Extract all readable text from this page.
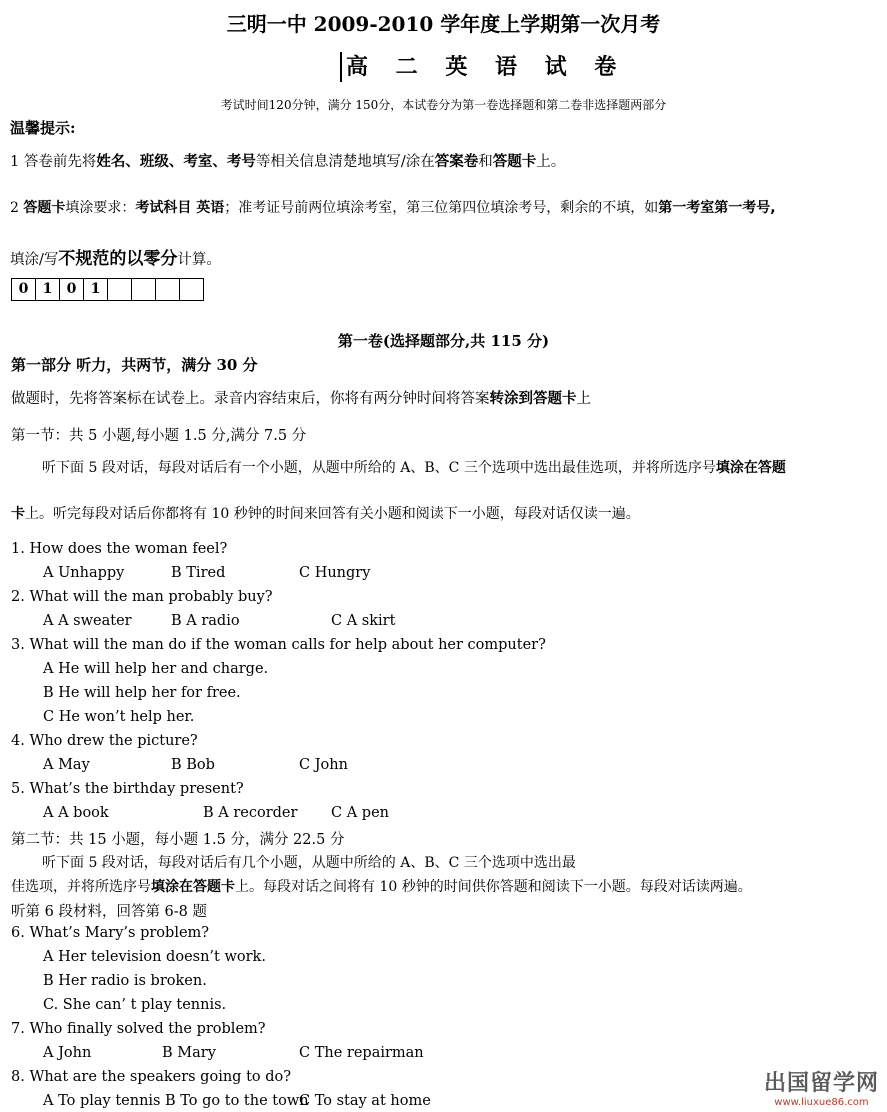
三明一中 2009-2010 学年度上学期第一次月考
高 二 英 语 试 卷
考试时间120分钟，满分 150分，本试卷分为第一卷选择题和第二卷非选择题两部分
温馨提示:
1 答卷前先将姓名、班级、考室、考号等相关信息清楚地填写/涂在答案卷和答题卡上。
2 答题卡填涂要求：考试科目 英语；准考证号前两位填涂考室，第三位第四位填涂考号，剩余的不填，如第一考室第一考号,
填涂/写不规范的以零分计算。
0	1	0	1
第一卷(选择题部分,共 115 分)
第一部分 听力，共两节，满分 30 分
做题时，先将答案标在试卷上。录音内容结束后，你将有两分钟时间将答案转涂到答题卡上
第一节：共 5 小题,每小题 1.5 分,满分 7.5 分
听下面 5 段对话，每段对话后有一个小题，从题中所给的 A、B、C 三个选项中选出最佳选项，并将所选序号填涂在答题
卡上。听完每段对话后你都将有 10 秒钟的时间来回答有关小题和阅读下一小题，每段对话仅读一遍。
1. How does the woman feel?
A Unhappy	B Tired	C Hungry
2. What will the man probably buy?
A A sweater	B A radio	C A skirt
3. What will the man do if the woman calls for help about her computer?
A He will help her and charge.
B He will help her for free.
C He won’t help her.
4. Who drew the picture?
A May	B Bob	C John
5. What’s the birthday present?
A A book	B A recorder C A pen
第二节：共 15 小题，每小题 1.5 分，满分 22.5 分
听下面 5 段对话，每段对话后有几个小题，从题中所给的 A、B、C 三个选项中选出最
佳选项，并将所选序号填涂在答题卡上。每段对话之间将有 10 秒钟的时间供你答题和阅读下一小题。每段对话读两遍。
听第 6 段材料，回答第 6-8 题
6. What’s Mary’s problem?
A Her television doesn’t work.
B Her radio is broken.
C. She can’ t play tennis.
7. Who finally solved the problem?
A John	B Mary	C The repairman
8. What are the speakers going to do?
A To play tennis B To go to the town
C To stay at home
出国留学网
www.liuxue86.com
